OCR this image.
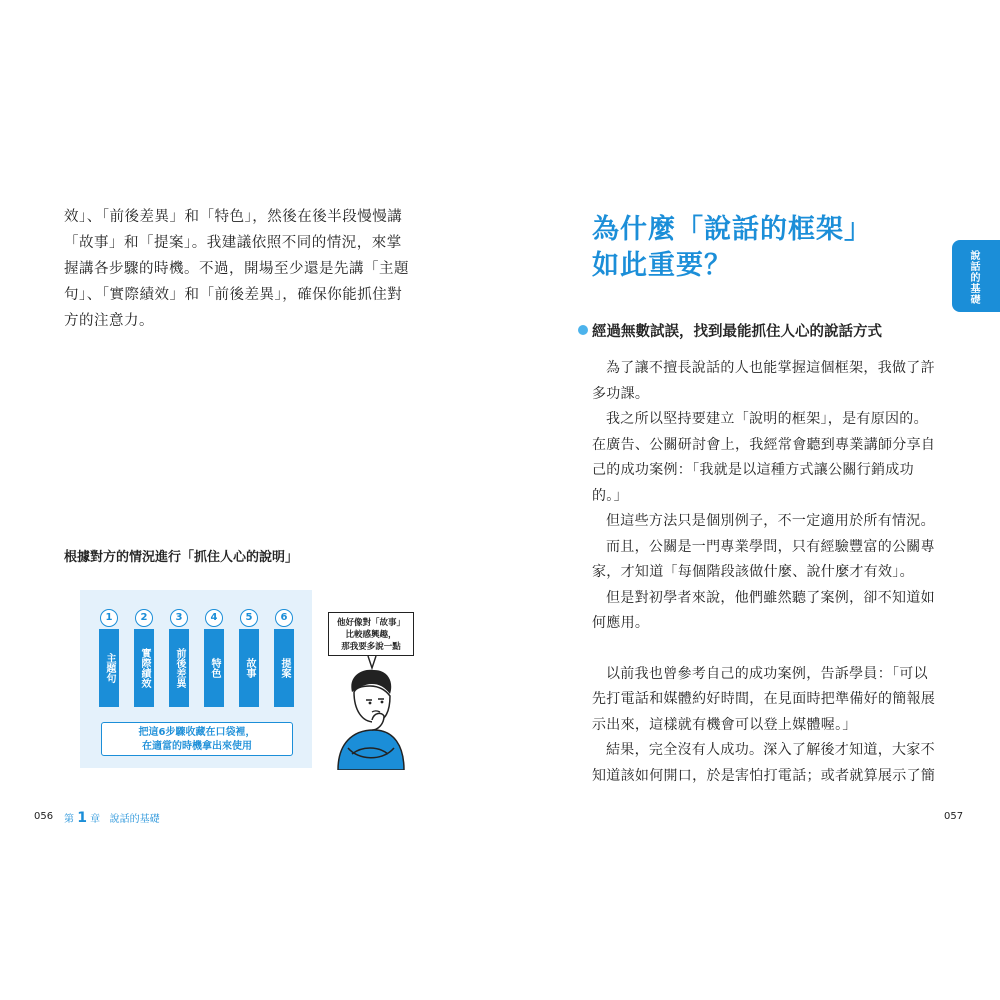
效」、「前後差異」和「特色」，然後在後半段慢慢講「故事」和「提案」。我建議依照不同的情況，來掌握講各步驟的時機。不過，開場至少還是先講「主題句」、「實際績效」和「前後差異」，確保你能抓住對方的注意力。

根據對方的情況進行「抓住人心的說明」
1
主題句
2
實際績效
3
前後差異
4
特色
5
故事
6
提案
把這6步驟收藏在口袋裡，
在適當的時機拿出來使用
他好像對「故事」
比較感興趣，
那我要多說一點
056 第 1 章 說話的基礎
為什麼「說話的框架」
如此重要？
經過無數試誤，找到最能抓住人心的說話方式

為了讓不擅長說話的人也能掌握這個框架，我做了許多功課。

我之所以堅持要建立「說明的框架」，是有原因的。在廣告、公關研討會上，我經常會聽到專業講師分享自己的成功案例：「我就是以這種方式讓公關行銷成功的。」

但這些方法只是個別例子，不一定適用於所有情況。

而且，公關是一門專業學問，只有經驗豐富的公關專家，才知道「每個階段該做什麼、說什麼才有效」。

但是對初學者來說，他們雖然聽了案例，卻不知道如何應用。

以前我也曾參考自己的成功案例，告訴學員：「可以先打電話和媒體約好時間，在見面時把準備好的簡報展示出來，這樣就有機會可以登上媒體喔。」

結果，完全沒有人成功。深入了解後才知道，大家不知道該如何開口，於是害怕打電話；或者就算展示了簡

說話的基礎
057
